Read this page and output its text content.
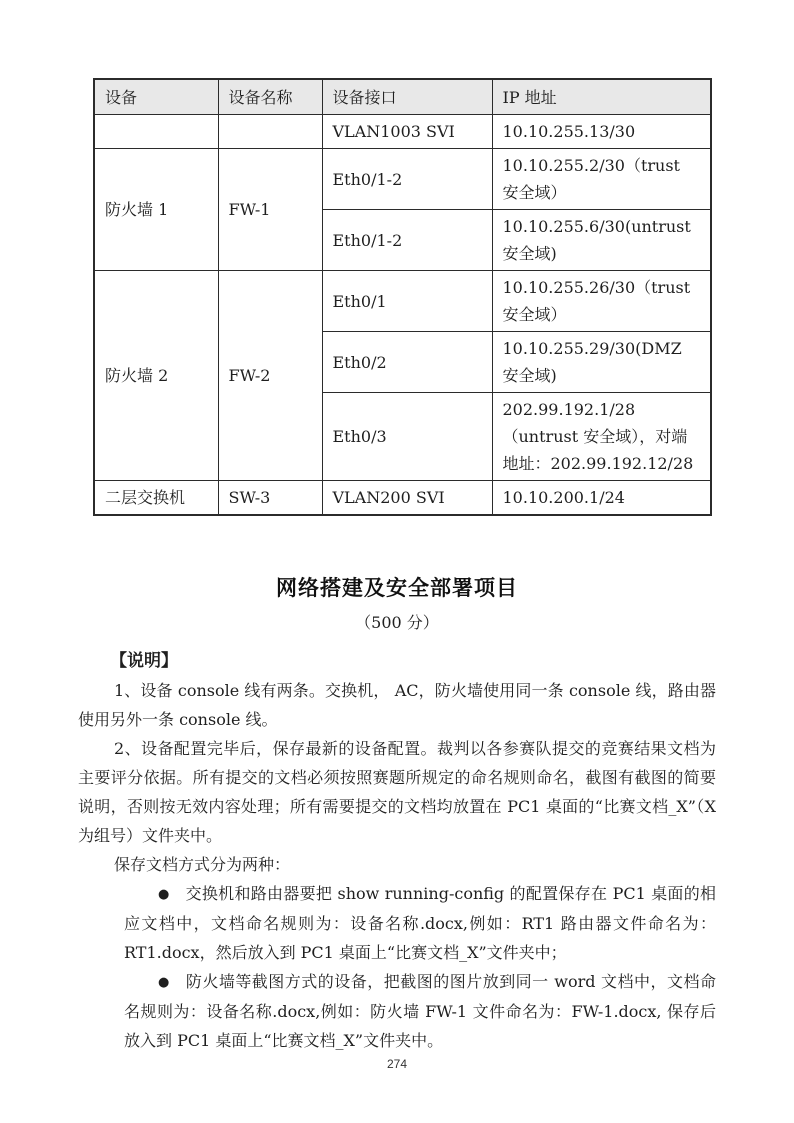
设备	设备名称	设备接口	IP 地址
		VLAN1003 SVI	10.10.255.13/30
防火墙 1	FW-1	Eth0/1-2	10.10.255.2/30（trust 安全域）
		Eth0/1-2	10.10.255.6/30(untrust 安全域)
防火墙 2	FW-2	Eth0/1	10.10.255.26/30（trust 安全域）
		Eth0/2	10.10.255.29/30(DMZ 安全域)
		Eth0/3	202.99.192.1/28（untrust 安全域），对端地址：202.99.192.12/28
二层交换机	SW-3	VLAN200 SVI	10.10.200.1/24
网络搭建及安全部署项目
（500 分）
【说明】

1、设备 console 线有两条。交换机， AC，防火墙使用同一条 console 线，路由器使用另外一条 console 线。

2、设备配置完毕后，保存最新的设备配置。裁判以各参赛队提交的竞赛结果文档为主要评分依据。所有提交的文档必须按照赛题所规定的命名规则命名，截图有截图的简要说明，否则按无效内容处理；所有需要提交的文档均放置在 PC1 桌面的“比赛文档_X”（X 为组号）文件夹中。

保存文档方式分为两种：

● 交换机和路由器要把 show running-config 的配置保存在 PC1 桌面的相应文档中，文档命名规则为：设备名称.docx,例如：RT1 路由器文件命名为：RT1.docx，然后放入到 PC1 桌面上“比赛文档_X”文件夹中；

● 防火墙等截图方式的设备，把截图的图片放到同一 word 文档中，文档命名规则为：设备名称.docx,例如：防火墙 FW-1 文件命名为：FW-1.docx, 保存后放入到 PC1 桌面上“比赛文档_X”文件夹中。

274
